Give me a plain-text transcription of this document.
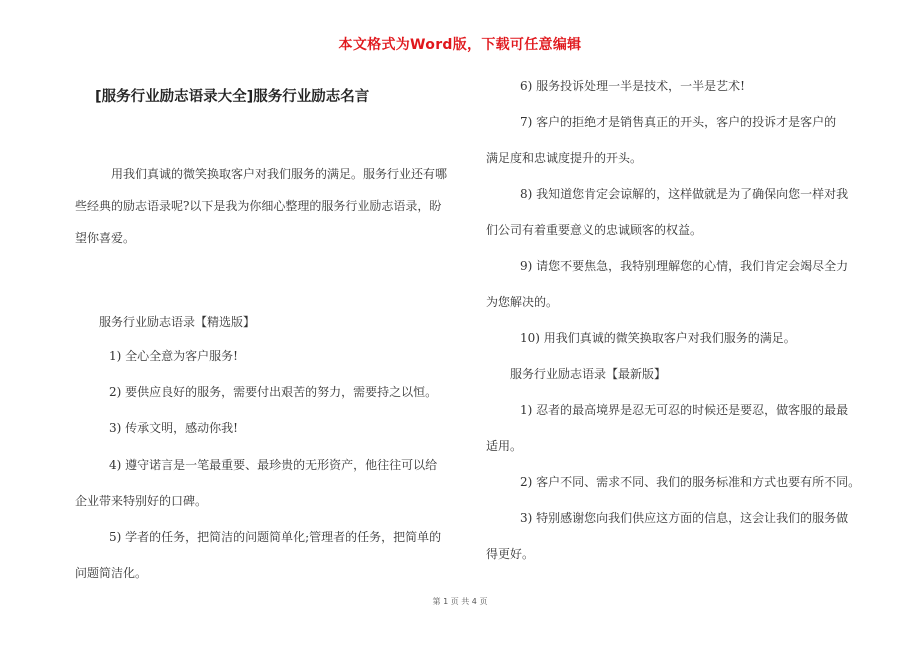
本文格式为Word版，下载可任意编辑
[服务行业励志语录大全]服务行业励志名言
用我们真诚的微笑换取客户对我们服务的满足。服务行业还有哪
些经典的励志语录呢?以下是我为你细心整理的服务行业励志语录，盼
望你喜爱。
服务行业励志语录【精选版】
1) 全心全意为客户服务!
2) 要供应良好的服务，需要付出艰苦的努力，需要持之以恒。
3) 传承文明，感动你我!
4) 遵守诺言是一笔最重要、最珍贵的无形资产，他往往可以给
企业带来特别好的口碑。
5) 学者的任务，把简洁的问题简单化;管理者的任务，把简单的
问题简洁化。
6) 服务投诉处理一半是技术，一半是艺术!
7) 客户的拒绝才是销售真正的开头，客户的投诉才是客户的
满足度和忠诚度提升的开头。
8) 我知道您肯定会谅解的，这样做就是为了确保向您一样对我
们公司有着重要意义的忠诚顾客的权益。
9) 请您不要焦急，我特别理解您的心情，我们肯定会竭尽全力
为您解决的。
10) 用我们真诚的微笑换取客户对我们服务的满足。
服务行业励志语录【最新版】
1) 忍者的最高境界是忍无可忍的时候还是要忍，做客服的最最
适用。
2) 客户不同、需求不同、我们的服务标准和方式也要有所不同。
3) 特别感谢您向我们供应这方面的信息，这会让我们的服务做
得更好。
第 1 页 共 4 页
